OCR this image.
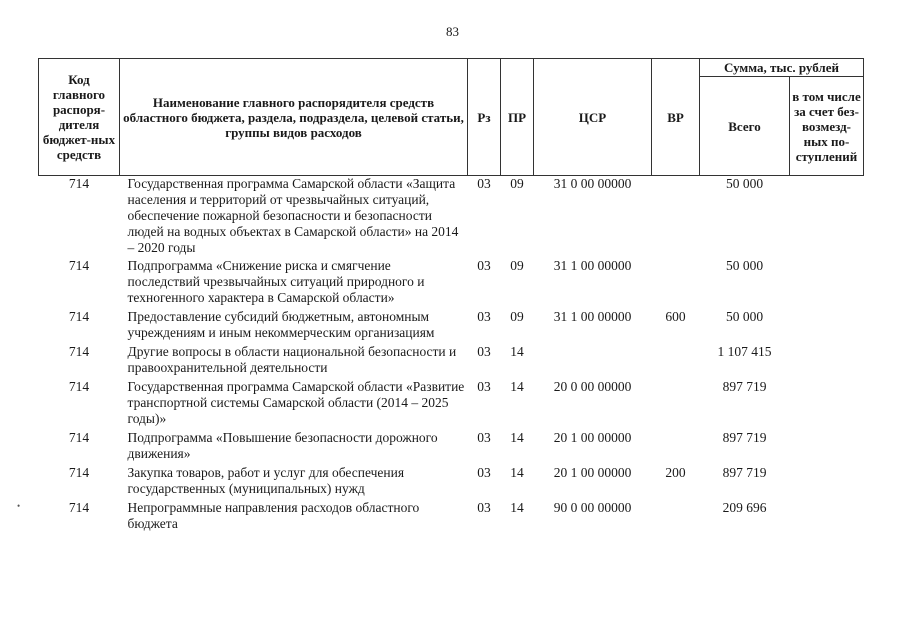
83
Код главного распоря-дителя бюджет-ных средств	Наименование главного распорядителя средств областного бюджета, раздела, подраздела, целевой статьи, группы видов расходов	Рз	ПР	ЦСР	ВР	Сумма, тыс. рублей	
						Всего	в том числе за счет без-возмезд-ных по-ступлений
714	Государственная программа Самарской области «Защита населения и территорий от чрезвычайных ситуаций, обеспечение пожарной безопасности и безопасности людей на водных объектах в Самарской области» на 2014 – 2020 годы	03	09	31 0 00 00000		50 000	
714	Подпрограмма «Снижение риска и смягчение последствий чрезвычайных ситуаций природного и техногенного характера в Самарской области»	03	09	31 1 00 00000		50 000	
714	Предоставление субсидий бюджетным, автономным учреждениям и иным некоммерческим организациям	03	09	31 1 00 00000	600	50 000	
714	Другие вопросы в области национальной безопасности и правоохранительной деятельности	03	14			1 107 415	
714	Государственная программа Самарской области «Развитие транспортной системы Самарской области (2014 – 2025 годы)»	03	14	20 0 00 00000		897 719	
714	Подпрограмма «Повышение безопасности дорожного движения»	03	14	20 1 00 00000		897 719	
714	Закупка товаров, работ и услуг для обеспечения государственных (муниципальных) нужд	03	14	20 1 00 00000	200	897 719	
714	Непрограммные направления расходов областного бюджета	03	14	90 0 00 00000		209 696	
•
